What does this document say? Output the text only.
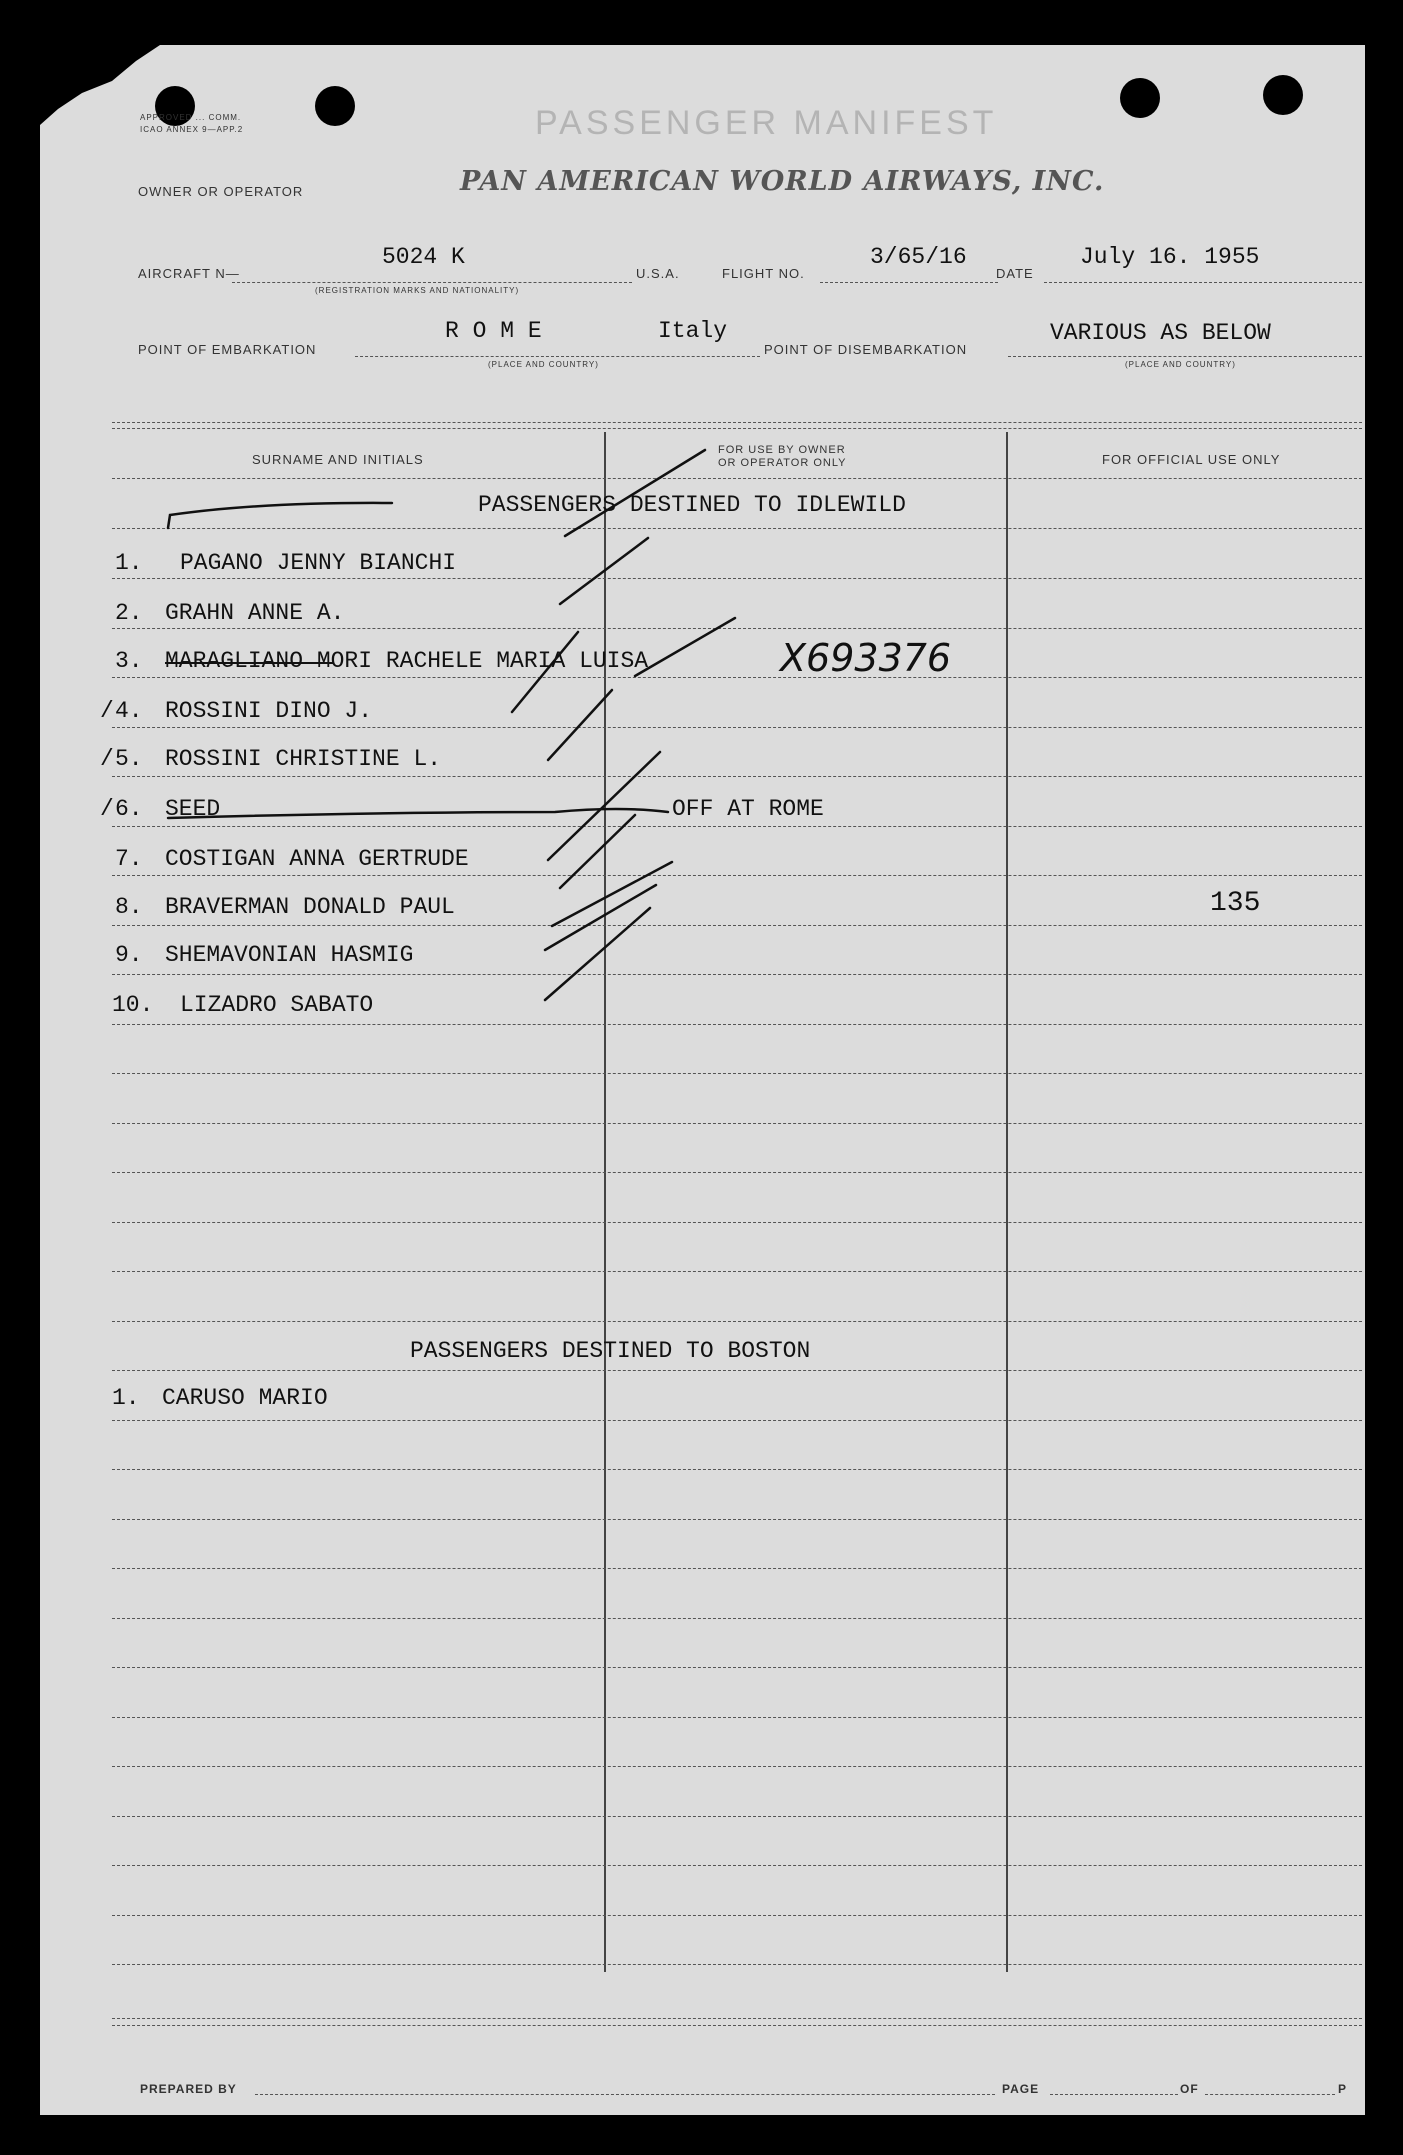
APPROVED ... COMM.
ICAO ANNEX 9—APP.2	PASSENGER MANIFEST
OWNER OR OPERATOR	PAN AMERICAN WORLD AIRWAYS, INC.
AIRCRAFT N—
5024 K
(REGISTRATION MARKS AND NATIONALITY)
U.S.A.	FLIGHT NO.
3/65/16
DATE
July 16. 1955
POINT OF EMBARKATION
R O M E	Italy
(PLACE AND COUNTRY)
POINT OF DISEMBARKATION
VARIOUS AS BELOW
(PLACE AND COUNTRY)
SURNAME AND INITIALS
FOR USE BY OWNER
OR OPERATOR ONLY	FOR OFFICIAL USE ONLY
PASSENGERS DESTINED TO IDLEWILD
1. PAGANO JENNY BIANCHI
2. GRAHN ANNE A.
3. MARAGLIANO MORI RACHELE MARIA LUISA	X693376
/ 4. ROSSINI DINO J.
/ 5. ROSSINI CHRISTINE L.
/ 6. SEED	OFF AT ROME
7. COSTIGAN ANNA GERTRUDE
8. BRAVERMAN DONALD PAUL	135
9. SHEMAVONIAN HASMIG
10. LIZADRO SABATO
PASSENGERS DESTINED TO BOSTON
1. CARUSO MARIO
PREPARED BY	PAGE	OF	P
